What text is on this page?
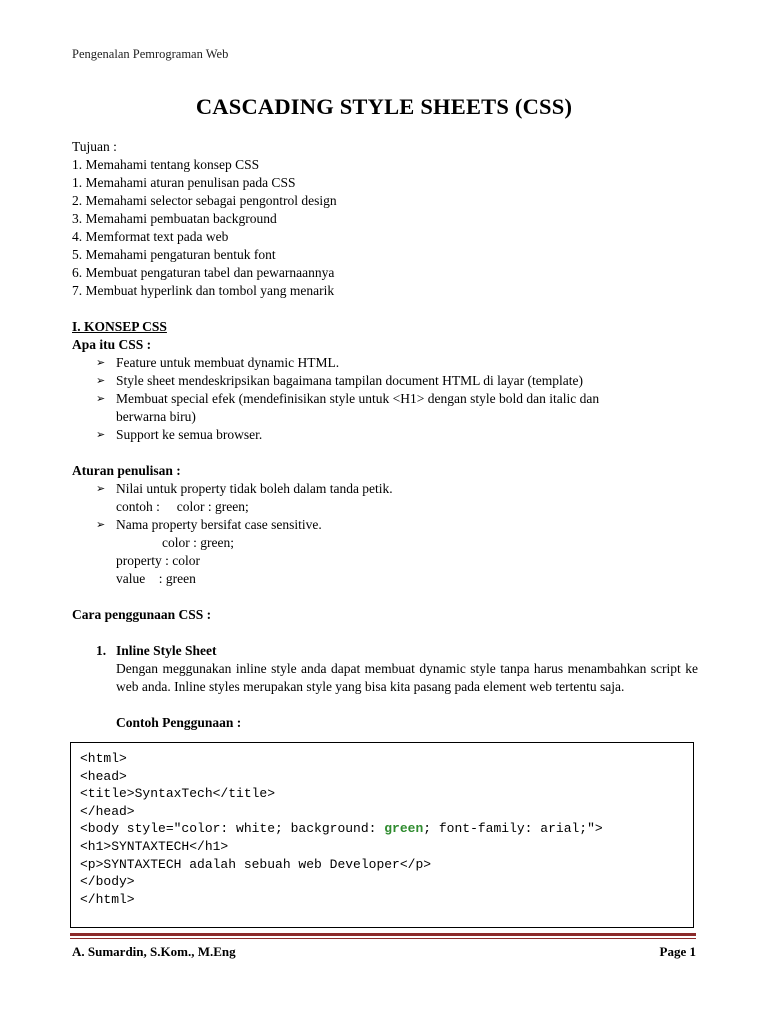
Pengenalan Pemrograman Web
CASCADING STYLE SHEETS (CSS)
Tujuan :
1. Memahami tentang konsep CSS
1. Memahami aturan penulisan pada CSS
2. Memahami selector sebagai pengontrol design
3. Memahami pembuatan background
4. Memformat text pada web
5. Memahami pengaturan bentuk font
6. Membuat pengaturan tabel dan pewarnaannya
7. Membuat hyperlink dan tombol yang menarik
I. KONSEP CSS
Apa itu CSS :
➢ Feature untuk membuat dynamic HTML.
➢ Style sheet mendeskripsikan bagaimana tampilan document HTML di layar (template)
➢ Membuat special efek (mendefinisikan style untuk <H1> dengan style bold dan italic dan
berwarna biru)
➢ Support ke semua browser.
Aturan penulisan :
➢ Nilai untuk property tidak boleh dalam tanda petik.
contoh :     color : green;
➢ Nama property bersifat case sensitive.
color : green;
property : color
value    : green
Cara penggunaan CSS :
1. Inline Style Sheet
Dengan meggunakan inline style anda dapat membuat dynamic style tanpa harus menambahkan script ke web anda. Inline styles merupakan style yang bisa kita pasang pada element web tertentu saja.
Contoh Penggunaan :
<html>
<head>
<title>SyntaxTech</title>
</head>
<body style="color: white; background: green; font-family: arial;">
<h1>SYNTAXTECH</h1>
<p>SYNTAXTECH adalah sebuah web Developer</p>
</body>
</html>
A. Sumardin, S.Kom., M.Eng	Page 1
